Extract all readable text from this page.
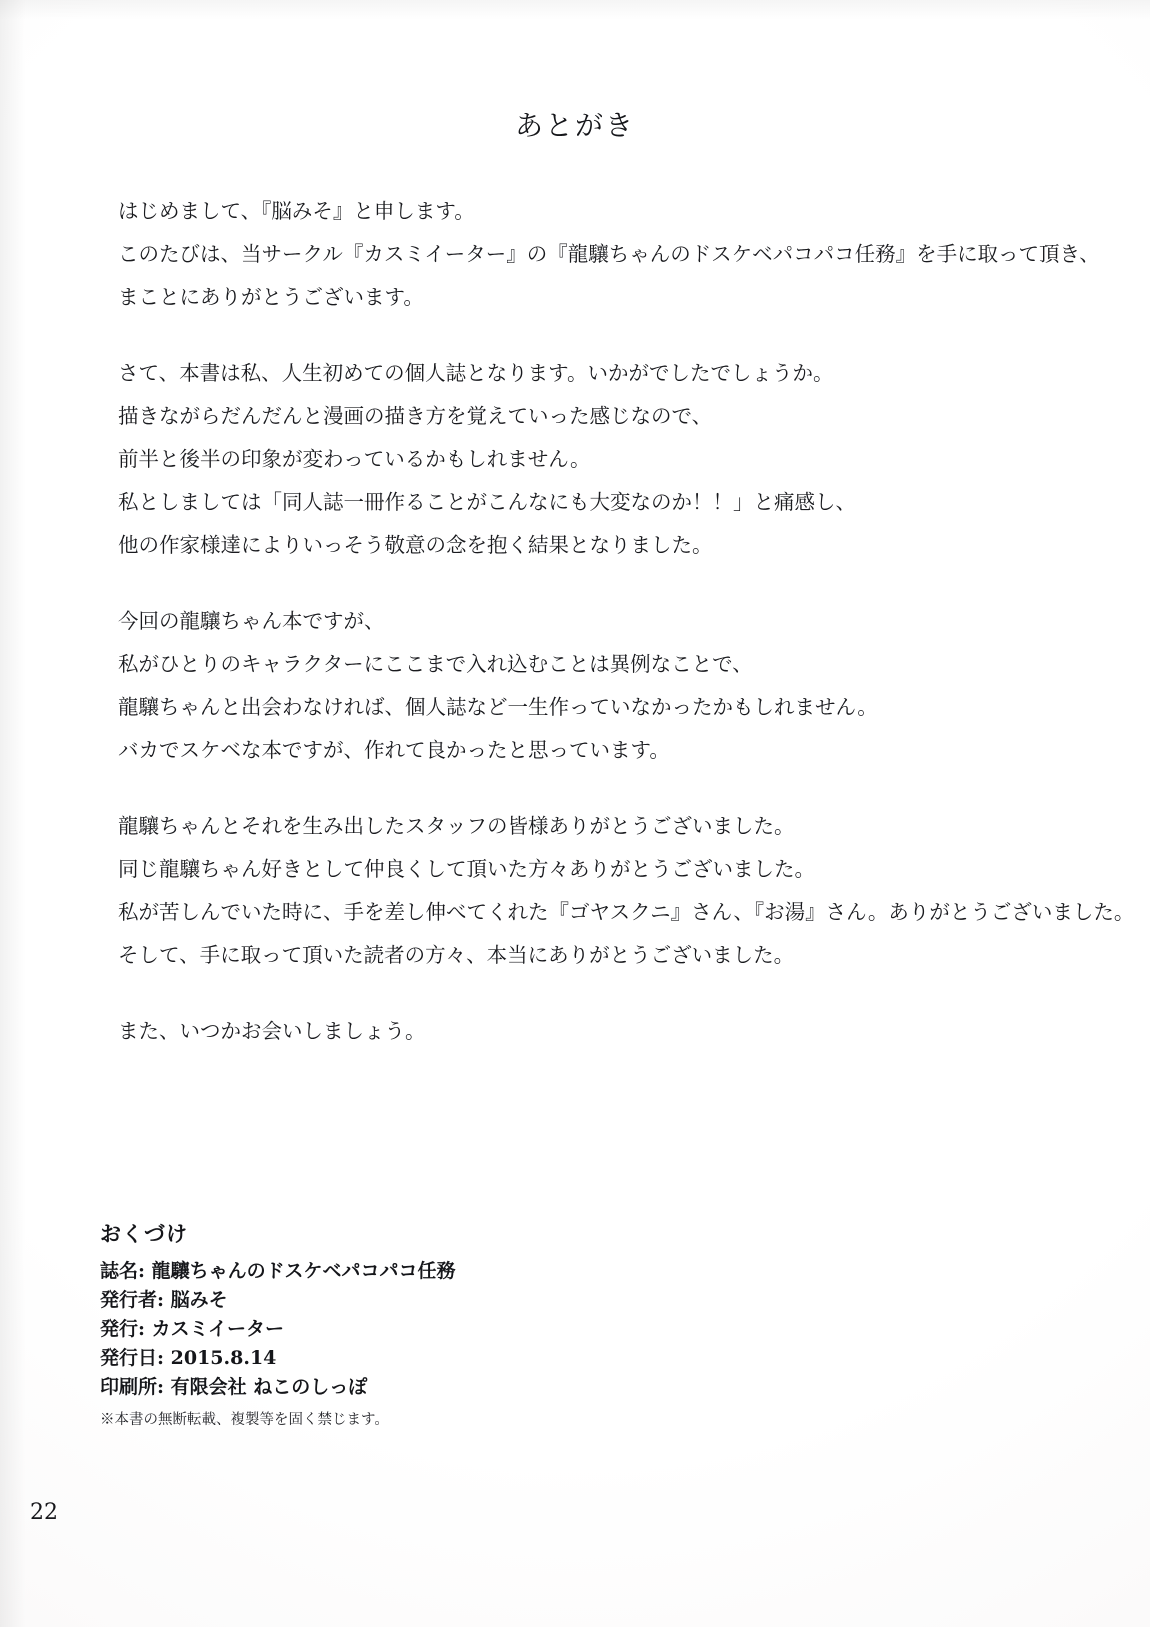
あとがき

はじめまして、『脳みそ』と申します。
このたびは、当サークル『カスミイーター』の『龍驤ちゃんのドスケベパコパコ任務』を手に取って頂き、
まことにありがとうございます。

さて、本書は私、人生初めての個人誌となります。いかがでしたでしょうか。
描きながらだんだんと漫画の描き方を覚えていった感じなので、
前半と後半の印象が変わっているかもしれません。
私としましては「同人誌一冊作ることがこんなにも大変なのか！！」と痛感し、
他の作家様達によりいっそう敬意の念を抱く結果となりました。

今回の龍驤ちゃん本ですが、
私がひとりのキャラクターにここまで入れ込むことは異例なことで、
龍驤ちゃんと出会わなければ、個人誌など一生作っていなかったかもしれません。
バカでスケベな本ですが、作れて良かったと思っています。

龍驤ちゃんとそれを生み出したスタッフの皆様ありがとうございました。
同じ龍驤ちゃん好きとして仲良くして頂いた方々ありがとうございました。
私が苦しんでいた時に、手を差し伸べてくれた『ゴヤスクニ』さん、『お湯』さん。ありがとうございました。
そして、手に取って頂いた読者の方々、本当にありがとうございました。

また、いつかお会いしましょう。

おくづけ
誌名: 龍驤ちゃんのドスケベパコパコ任務
発行者: 脳みそ
発行: カスミイーター
発行日: 2015.8.14
印刷所: 有限会社 ねこのしっぽ
※本書の無断転載、複製等を固く禁じます。
22
